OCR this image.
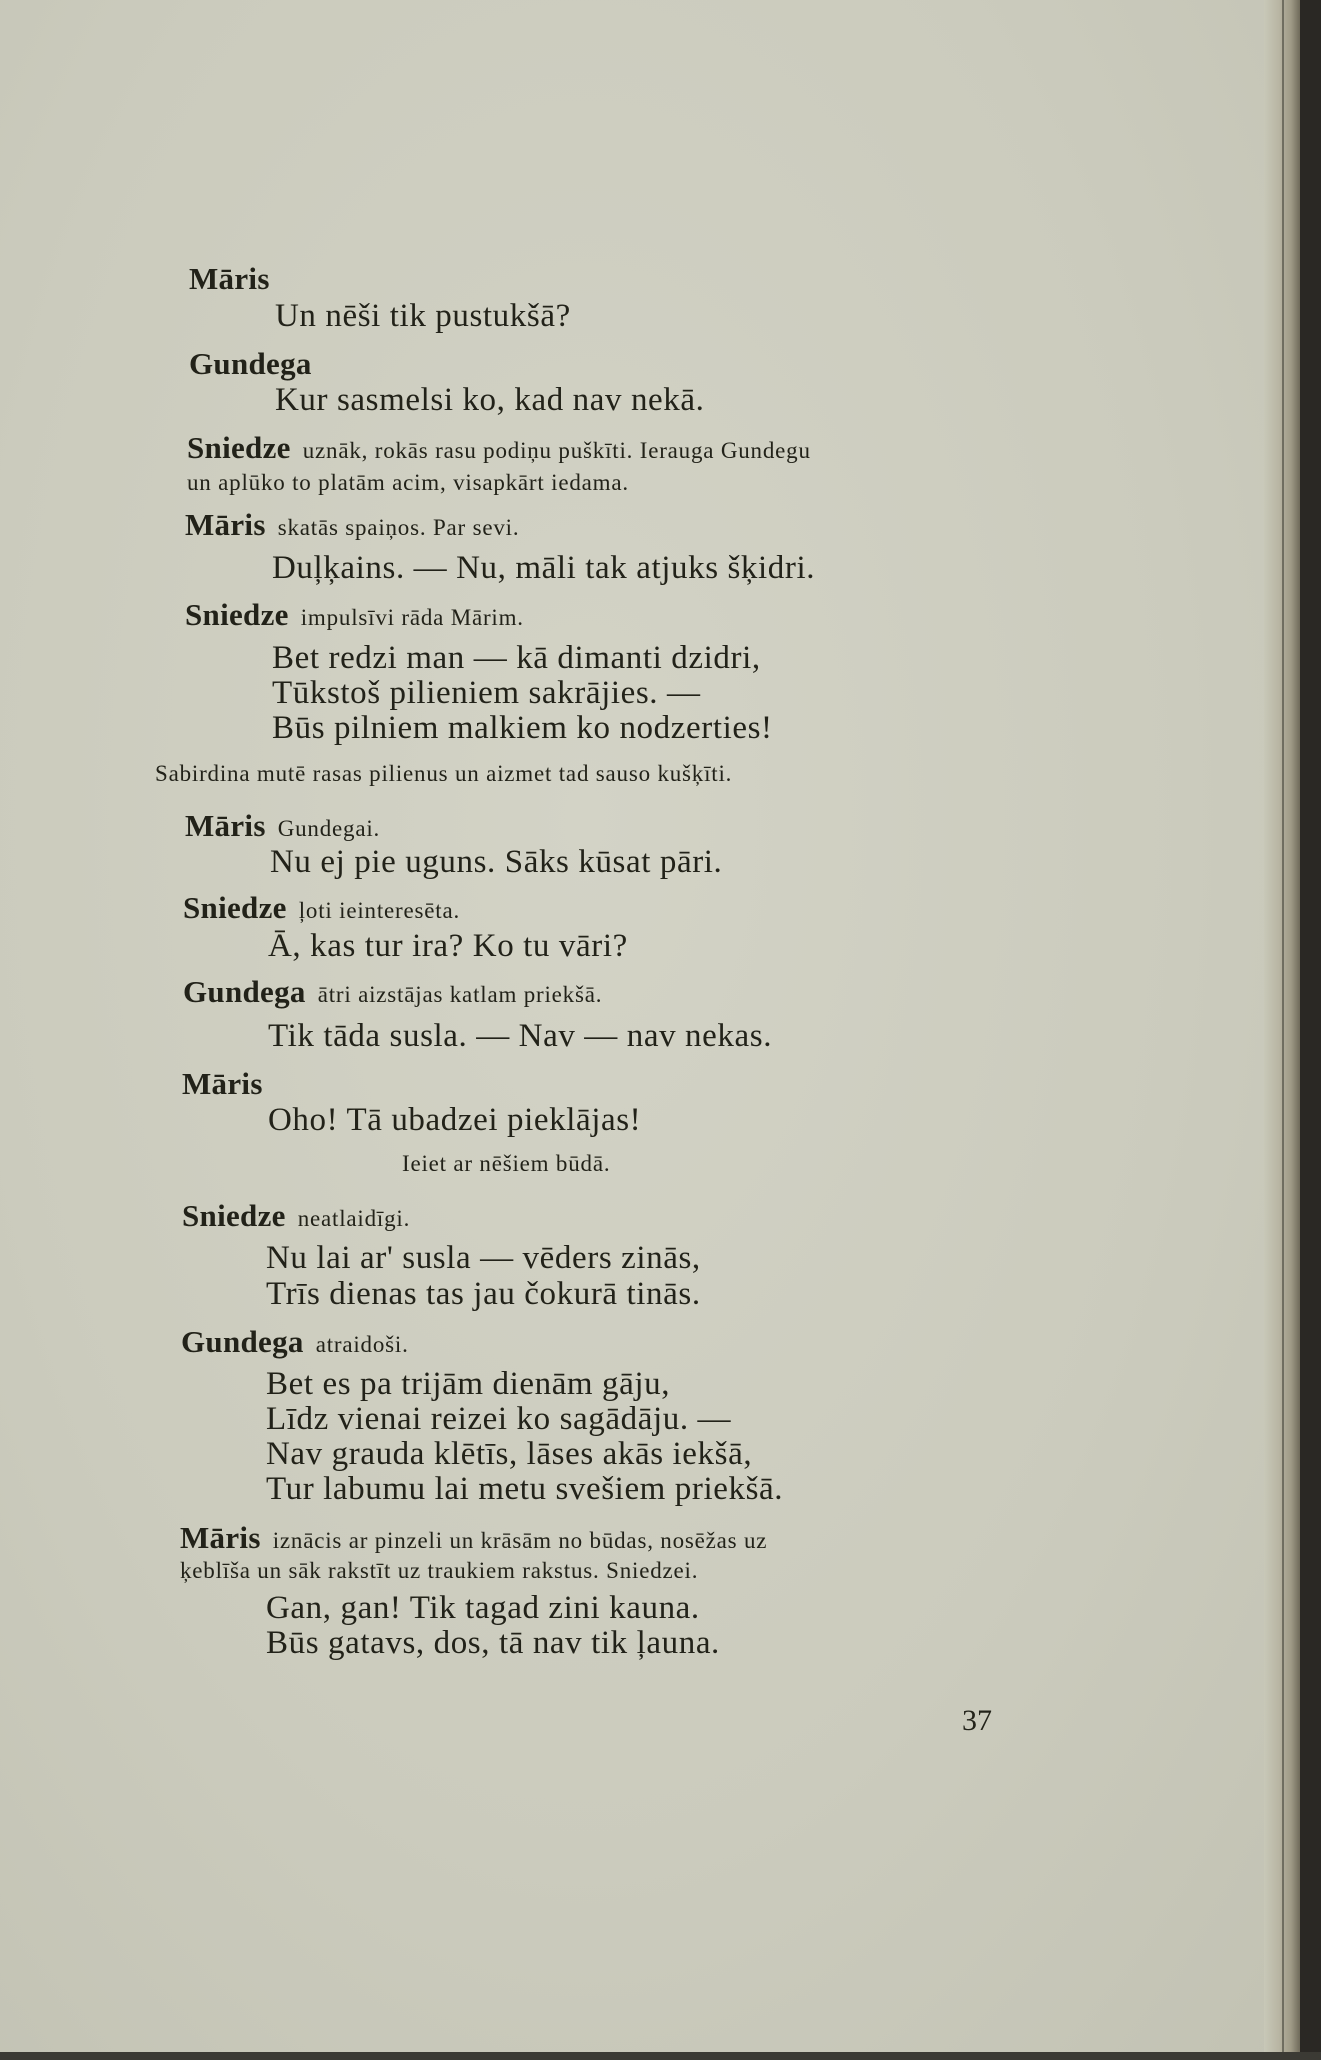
Māris
Un nēši tik pustukšā?
Gundega
Kur sasmelsi ko, kad nav nekā.
Sniedze uznāk, rokās rasu podiņu puškīti. Ierauga Gundegu
un aplūko to platām acim, visapkārt iedama.
Māris skatās spaiņos. Par sevi.
Duļķains. — Nu, māli tak atjuks šķidri.
Sniedze impulsīvi rāda Mārim.
Bet redzi man — kā dimanti dzidri,
Tūkstoš pilieniem sakrājies. —
Būs pilniem malkiem ko nodzerties!
Sabirdina mutē rasas pilienus un aizmet tad sauso kušķīti.
Māris Gundegai.
Nu ej pie uguns. Sāks kūsat pāri.
Sniedze ļoti ieinteresēta.
Ā, kas tur ira? Ko tu vāri?
Gundega ātri aizstājas katlam priekšā.
Tik tāda susla. — Nav — nav nekas.
Māris
Oho! Tā ubadzei pieklājas!
Ieiet ar nēšiem būdā.
Sniedze neatlaidīgi.
Nu lai ar' susla — vēders zinās,
Trīs dienas tas jau čokurā tinās.
Gundega atraidoši.
Bet es pa trijām dienām gāju,
Līdz vienai reizei ko sagādāju. —
Nav grauda klētīs, lāses akās iekšā,
Tur labumu lai metu svešiem priekšā.
Māris iznācis ar pinzeli un krāsām no būdas, nosēžas uz
ķeblīša un sāk rakstīt uz traukiem rakstus. Sniedzei.
Gan, gan! Tik tagad zini kauna.
Būs gatavs, dos, tā nav tik ļauna.
37
